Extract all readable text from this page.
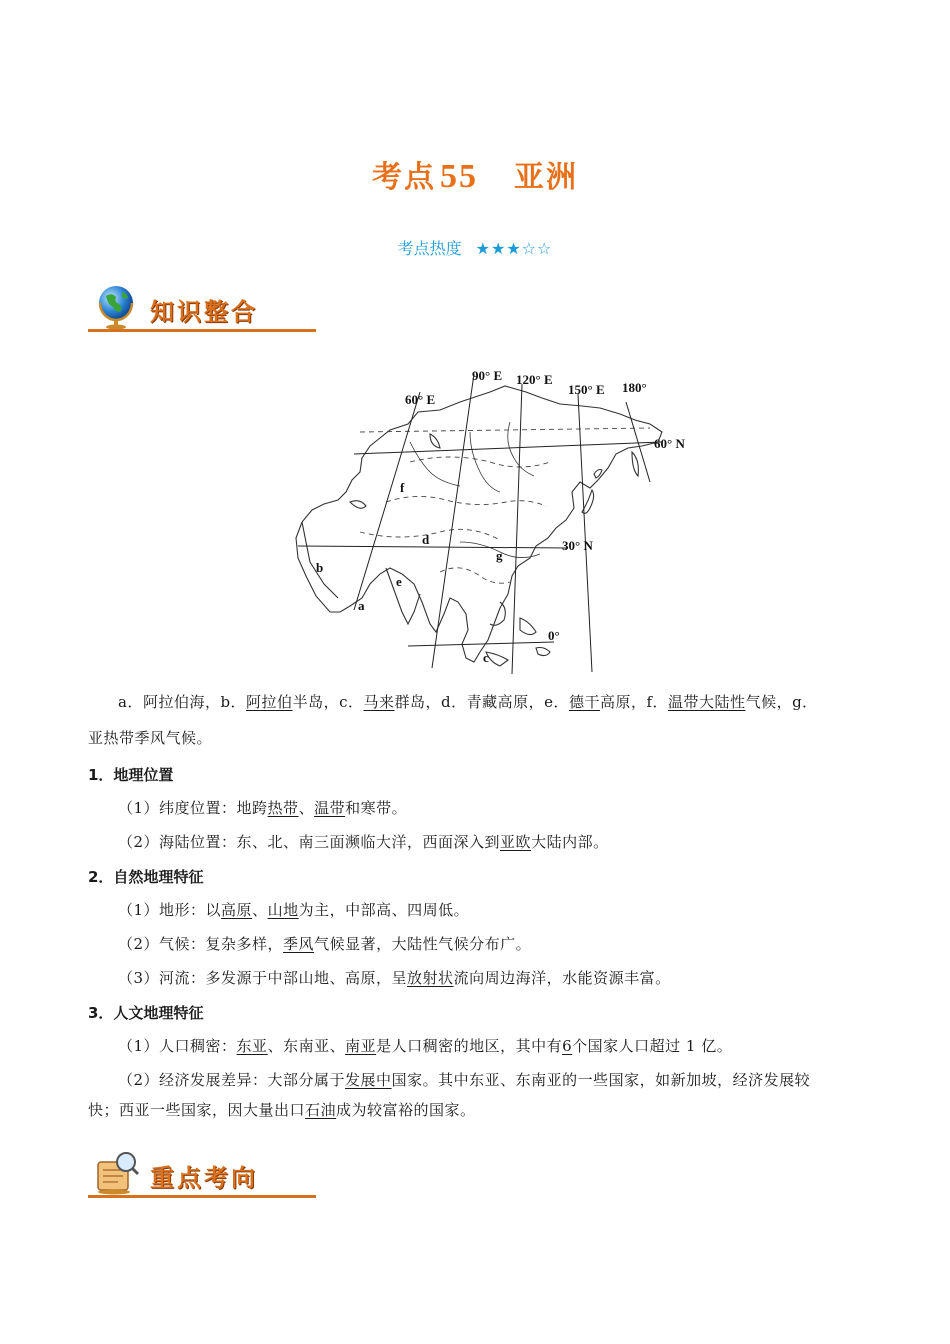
考点 55 亚洲
考点热度 ★★★☆☆
知识整合
60° E
90° E 120° E
150° E 180°
60° N
30° N
0°
a
b
c
d
e
f
g
a．阿拉伯海，b．阿拉伯半岛，c．马来群岛，d．青藏高原，e．德干高原，f．温带大陆性气候，g．
亚热带季风气候。
1．地理位置
（1）纬度位置：地跨热带、温带和寒带。
（2）海陆位置：东、北、南三面濒临大洋，西面深入到亚欧大陆内部。
2．自然地理特征
（1）地形：以高原、山地为主，中部高、四周低。
（2）气候：复杂多样，季风气候显著，大陆性气候分布广。
（3）河流：多发源于中部山地、高原，呈放射状流向周边海洋，水能资源丰富。
3．人文地理特征
（1）人口稠密：东亚、东南亚、南亚是人口稠密的地区，其中有6个国家人口超过 1 亿。
（2）经济发展差异：大部分属于发展中国家。其中东亚、东南亚的一些国家，如新加坡，经济发展较
快；西亚一些国家，因大量出口石油成为较富裕的国家。
重点考向
